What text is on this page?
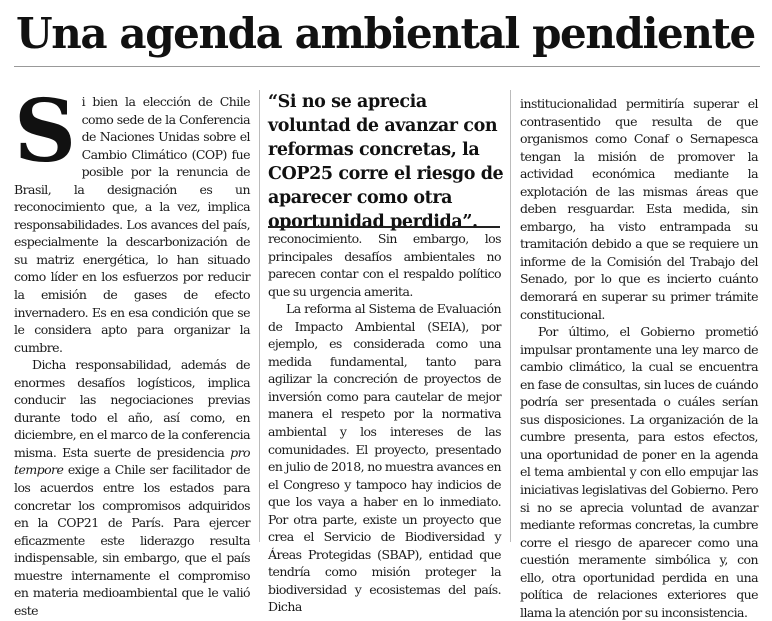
Una agenda ambiental pendiente

Si bien la elección de Chile como sede de la Conferencia de Naciones Unidas sobre el Cambio Climático (COP) fue posible por la renuncia de Brasil, la designación es un reconocimiento que, a la vez, implica responsabilidades. Los avances del país, especialmente la descarbonización de su matriz energética, lo han situado como líder en los esfuerzos por reducir la emisión de gases de efecto invernadero. Es en esa condición que se le considera apto para organizar la cumbre.

Dicha responsabilidad, además de enormes desafíos logísticos, implica conducir las negociaciones previas durante todo el año, así como, en diciembre, en el marco de la conferencia misma. Esta suerte de presidencia pro tempore exige a Chile ser facilitador de los acuerdos entre los estados para concretar los compromisos adquiridos en la COP21 de París. Para ejercer eficazmente este liderazgo resulta indispensable, sin embargo, que el país muestre internamente el compromiso en materia medioambiental que le valió este

“Si no se aprecia voluntad de avanzar con reformas concretas, la COP25 corre el riesgo de aparecer como otra oportunidad perdida”.

reconocimiento. Sin embargo, los principales desafíos ambientales no parecen contar con el respaldo político que su urgencia amerita.

La reforma al Sistema de Evaluación de Impacto Ambiental (SEIA), por ejemplo, es considerada como una medida fundamental, tanto para agilizar la concreción de proyectos de inversión como para cautelar de mejor manera el respeto por la normativa ambiental y los intereses de las comunidades. El proyecto, presentado en julio de 2018, no muestra avances en el Congreso y tampoco hay indicios de que los vaya a haber en lo inmediato. Por otra parte, existe un proyecto que crea el Servicio de Biodiversidad y Áreas Protegidas (SBAP), entidad que tendría como misión proteger la biodiversidad y ecosistemas del país. Dicha

institucionalidad permitiría superar el contrasentido que resulta de que organismos como Conaf o Sernapesca tengan la misión de promover la actividad económica mediante la explotación de las mismas áreas que deben resguardar. Esta medida, sin embargo, ha visto entrampada su tramitación debido a que se requiere un informe de la Comisión del Trabajo del Senado, por lo que es incierto cuánto demorará en superar su primer trámite constitucional.

Por último, el Gobierno prometió impulsar prontamente una ley marco de cambio climático, la cual se encuentra en fase de consultas, sin luces de cuándo podría ser presentada o cuáles serían sus disposiciones. La organización de la cumbre presenta, para estos efectos, una oportunidad de poner en la agenda el tema ambiental y con ello empujar las iniciativas legislativas del Gobierno. Pero si no se aprecia voluntad de avanzar mediante reformas concretas, la cumbre corre el riesgo de aparecer como una cuestión meramente simbólica y, con ello, otra oportunidad perdida en una política de relaciones exteriores que llama la atención por su inconsistencia.
